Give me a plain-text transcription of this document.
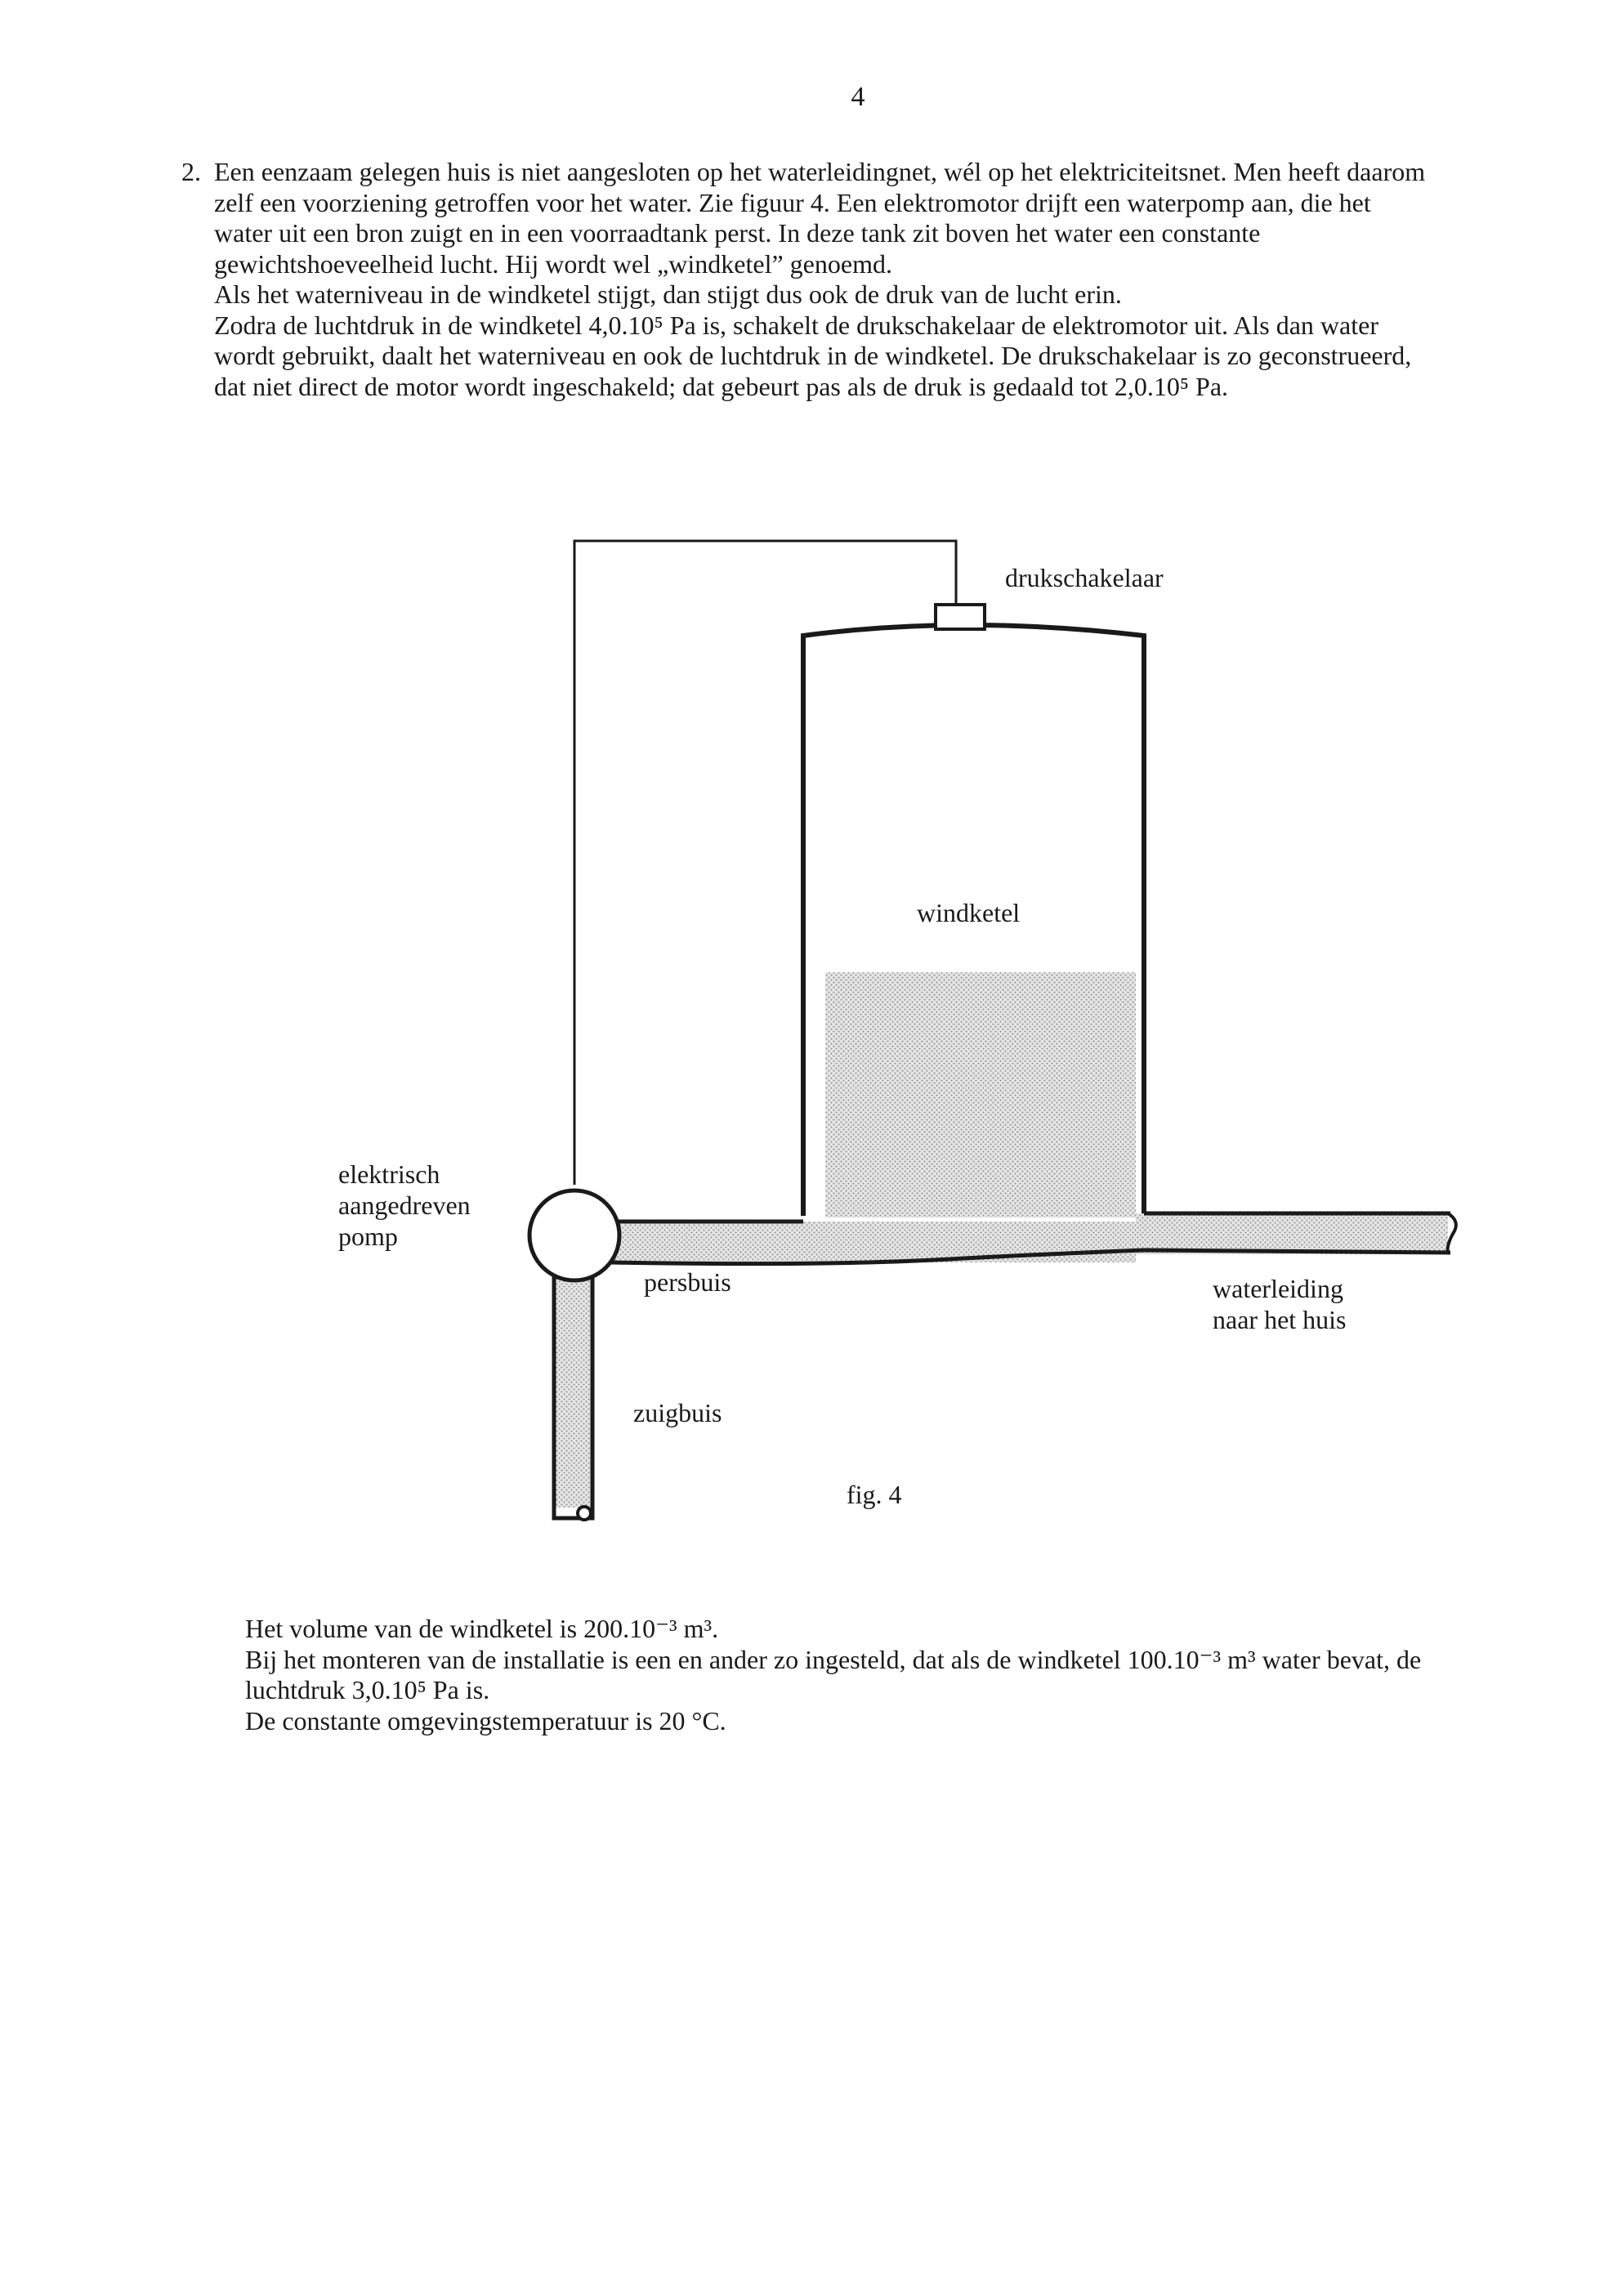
4
2. Een eenzaam gelegen huis is niet aangesloten op het waterleidingnet, wél op het elektriciteitsnet. Men heeft daarom zelf een voorziening getroffen voor het water. Zie figuur 4. Een elektromotor drijft een waterpomp aan, die het water uit een bron zuigt en in een voorraadtank perst. In deze tank zit boven het water een constante gewichtshoeveelheid lucht. Hij wordt wel „windketel” genoemd.

Als het waterniveau in de windketel stijgt, dan stijgt dus ook de druk van de lucht erin.

Zodra de luchtdruk in de windketel 4,0.10⁵ Pa is, schakelt de drukschakelaar de elektromotor uit. Als dan water wordt gebruikt, daalt het waterniveau en ook de luchtdruk in de windketel. De drukschakelaar is zo geconstrueerd, dat niet direct de motor wordt ingeschakeld; dat gebeurt pas als de druk is gedaald tot 2,0.10⁵ Pa.

drukschakelaar
windketel
elektrisch
aangedreven
pomp
persbuis	waterleiding
naar het huis
zuigbuis
fig. 4

Het volume van de windketel is 200.10⁻³ m³.

Bij het monteren van de installatie is een en ander zo ingesteld, dat als de windketel 100.10⁻³ m³ water bevat, de luchtdruk 3,0.10⁵ Pa is.

De constante omgevingstemperatuur is 20 °C.
